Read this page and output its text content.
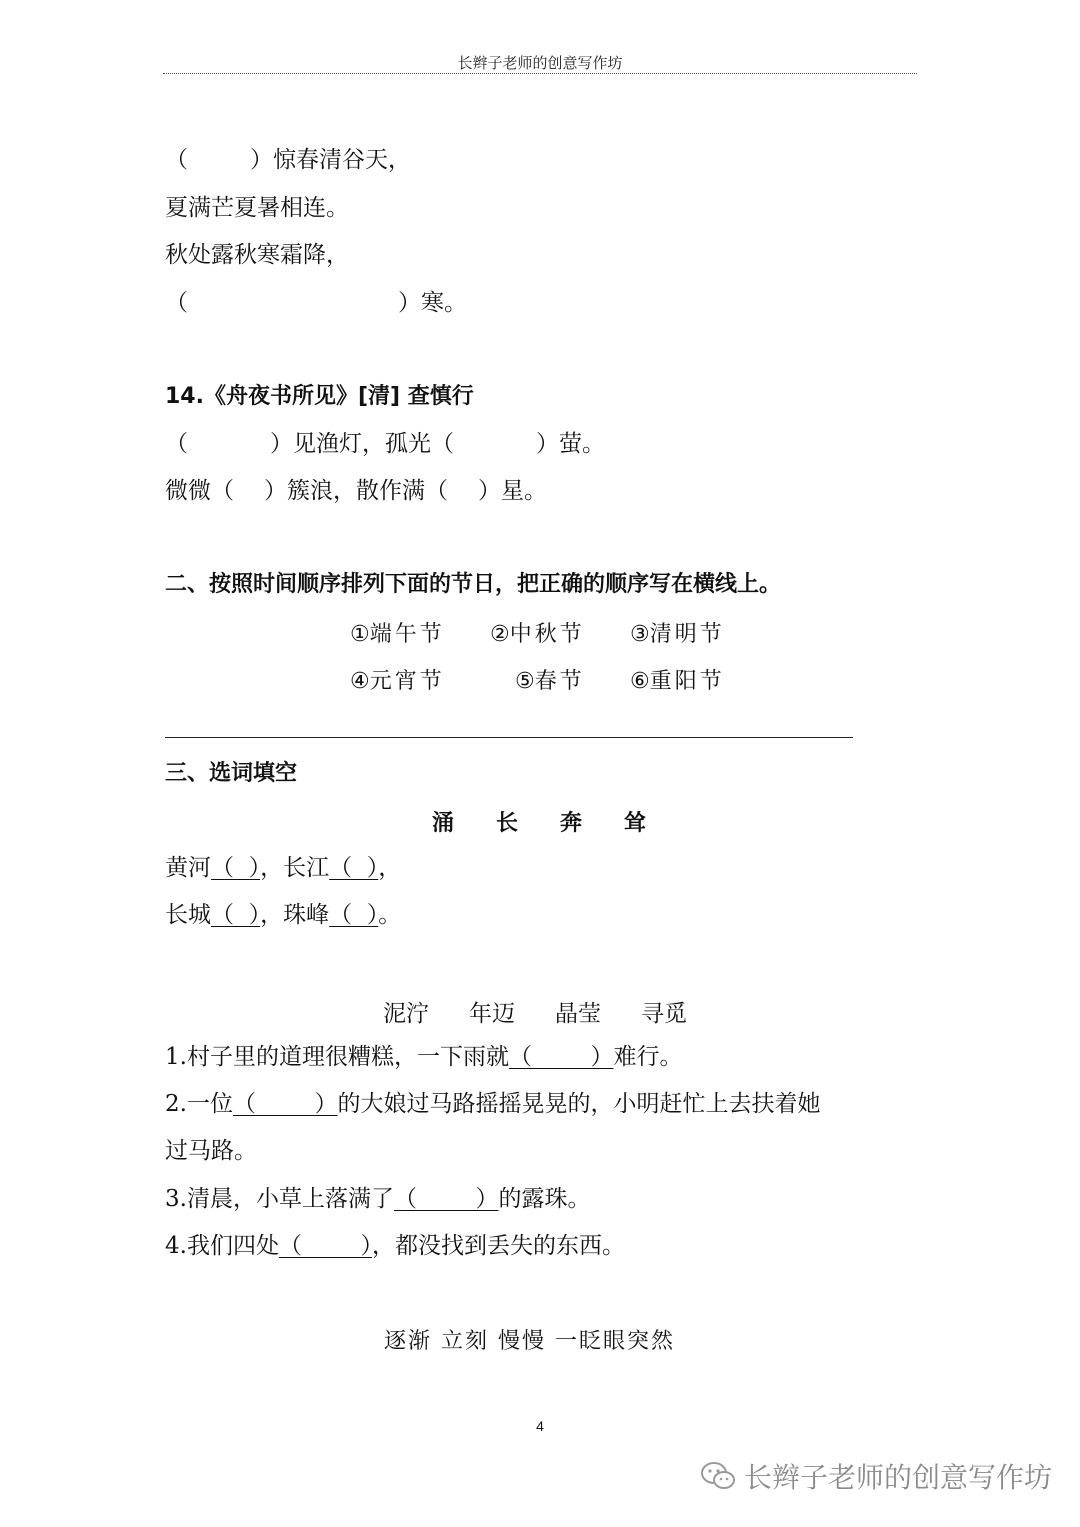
长辫子老师的创意写作坊
（	）惊春清谷天，
夏满芒夏暑相连。
秋处露秋寒霜降，
（	）寒。
14.《舟夜书所见》[清] 查慎行
（	）见渔灯，孤光（	）萤。
微微（ ）簇浪，散作满（ ）星。
二、按照时间顺序排列下面的节日，把正确的顺序写在横线上。
①端午节 ②中秋节 ③清明节
④元宵节	⑤春节 ⑥重阳节
三、选词填空
涌 长 奔 耸
黄河（  ），长江（  ），
长城（  ），珠峰（  ）。
泥泞 年迈 晶莹 寻觅
1.村子里的道理很糟糕，一下雨就（        ）难行。
2.一位（        ）的大娘过马路摇摇晃晃的，小明赶忙上去扶着她
过马路。
3.清晨，小草上落满了（        ）的露珠。
4.我们四处（        ），都没找到丢失的东西。
逐渐 立刻 慢慢 一眨眼突然
4
长辫子老师的创意写作坊
